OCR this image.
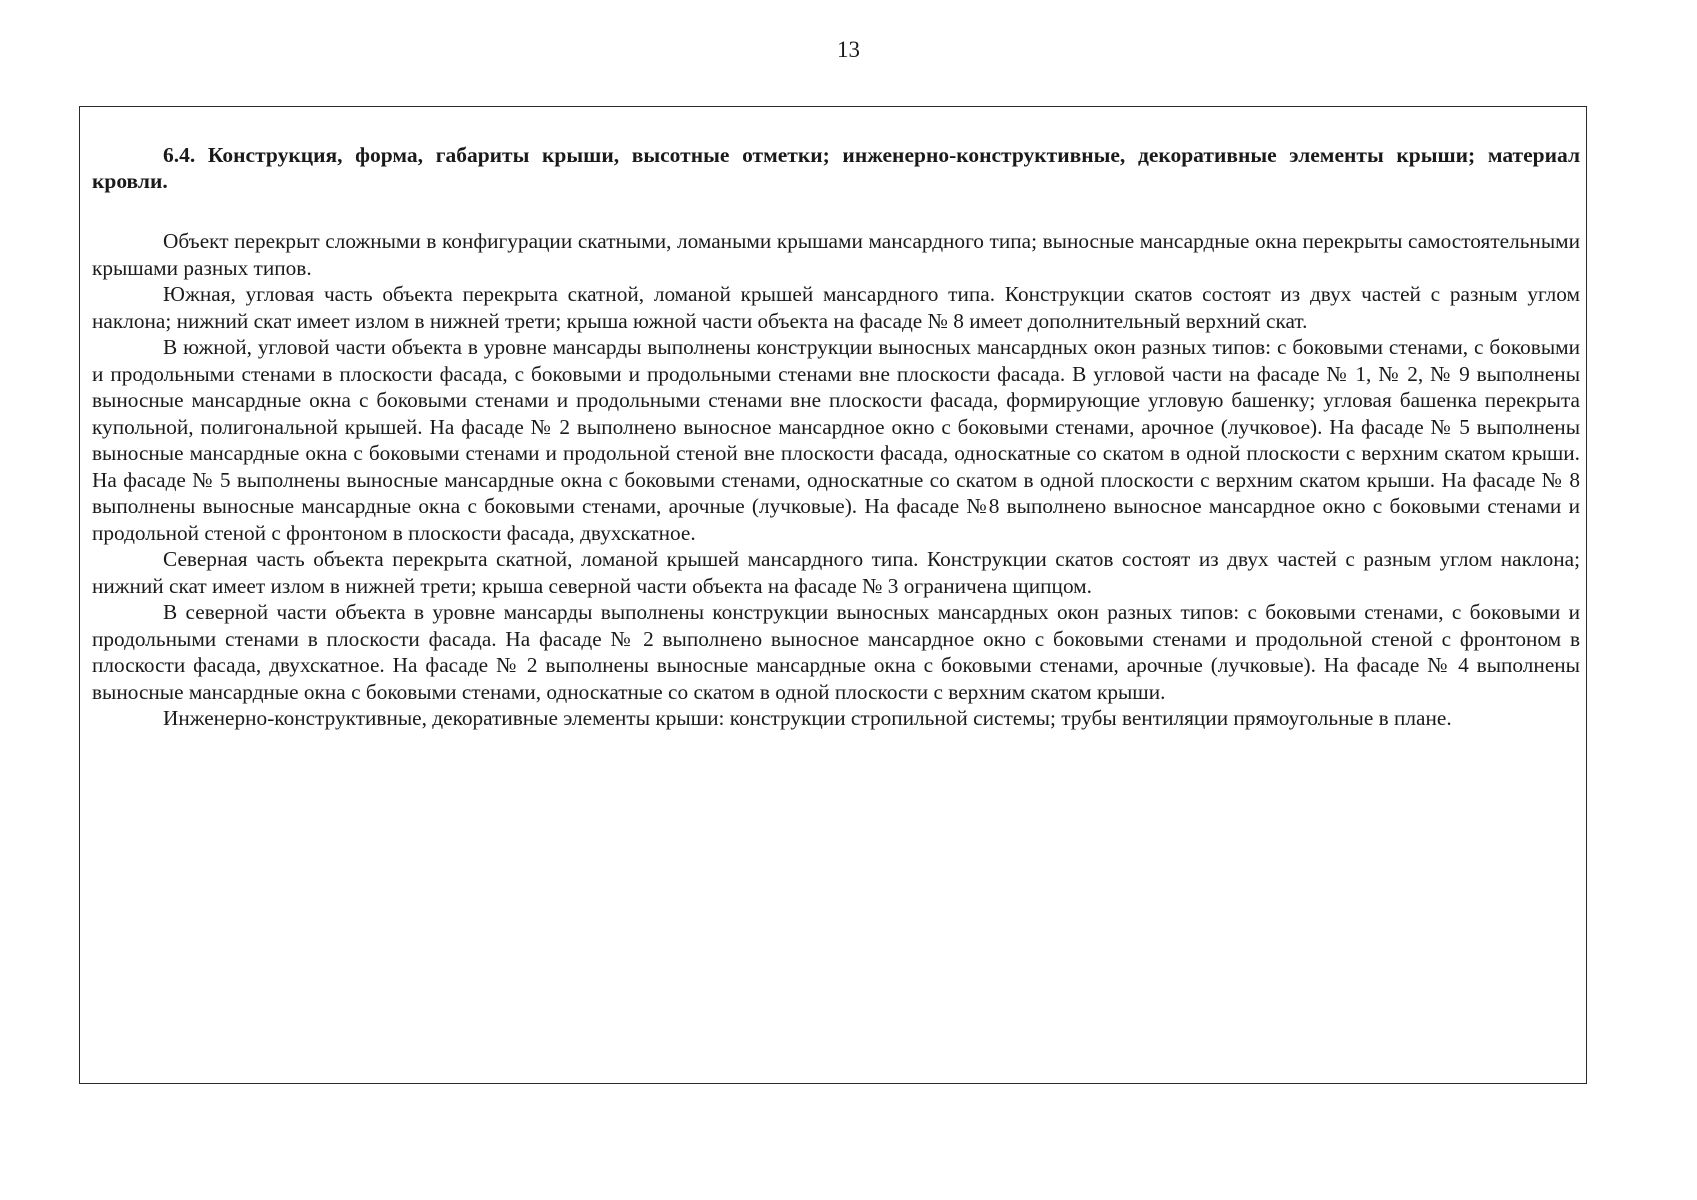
13

6.4. Конструкция, форма, габариты крыши, высотные отметки; инженерно-конструктивные, декоративные элементы крыши; материал кровли.

Объект перекрыт сложными в конфигурации скатными, ломаными крышами мансардного типа; выносные мансардные окна перекрыты самостоятельными крышами разных типов.

Южная, угловая часть объекта перекрыта скатной, ломаной крышей мансардного типа. Конструкции скатов состоят из двух частей с разным углом наклона; нижний скат имеет излом в нижней трети; крыша южной части объекта на фасаде № 8 имеет дополнительный верхний скат.

В южной, угловой части объекта в уровне мансарды выполнены конструкции выносных мансардных окон разных типов: с боковыми стенами, с боковыми и продольными стенами в плоскости фасада, с боковыми и продольными стенами вне плоскости фасада. В угловой части на фасаде № 1, № 2, № 9 выполнены выносные мансардные окна с боковыми стенами и продольными стенами вне плоскости фасада, формирующие угловую башенку; угловая башенка перекрыта купольной, полигональной крышей. На фасаде № 2 выполнено выносное мансардное окно с боковыми стенами, арочное (лучковое). На фасаде № 5 выполнены выносные мансардные окна с боковыми стенами и продольной стеной вне плоскости фасада, односкатные со скатом в одной плоскости с верхним скатом крыши. На фасаде № 5 выполнены выносные мансардные окна с боковыми стенами, односкатные со скатом в одной плоскости с верхним скатом крыши. На фасаде № 8 выполнены выносные мансардные окна с боковыми стенами, арочные (лучковые). На фасаде №8 выполнено выносное мансардное окно с боковыми стенами и продольной стеной с фронтоном в плоскости фасада, двухскатное.

Северная часть объекта перекрыта скатной, ломаной крышей мансардного типа. Конструкции скатов состоят из двух частей с разным углом наклона; нижний скат имеет излом в нижней трети; крыша северной части объекта на фасаде № 3 ограничена щипцом.

В северной части объекта в уровне мансарды выполнены конструкции выносных мансардных окон разных типов: с боковыми стенами, с боковыми и продольными стенами в плоскости фасада. На фасаде № 2 выполнено выносное мансардное окно с боковыми стенами и продольной стеной с фронтоном в плоскости фасада, двухскатное. На фасаде № 2 выполнены выносные мансардные окна с боковыми стенами, арочные (лучковые). На фасаде № 4 выполнены выносные мансардные окна с боковыми стенами, односкатные со скатом в одной плоскости с верхним скатом крыши.

Инженерно-конструктивные, декоративные элементы крыши: конструкции стропильной системы; трубы вентиляции прямоугольные в плане.
